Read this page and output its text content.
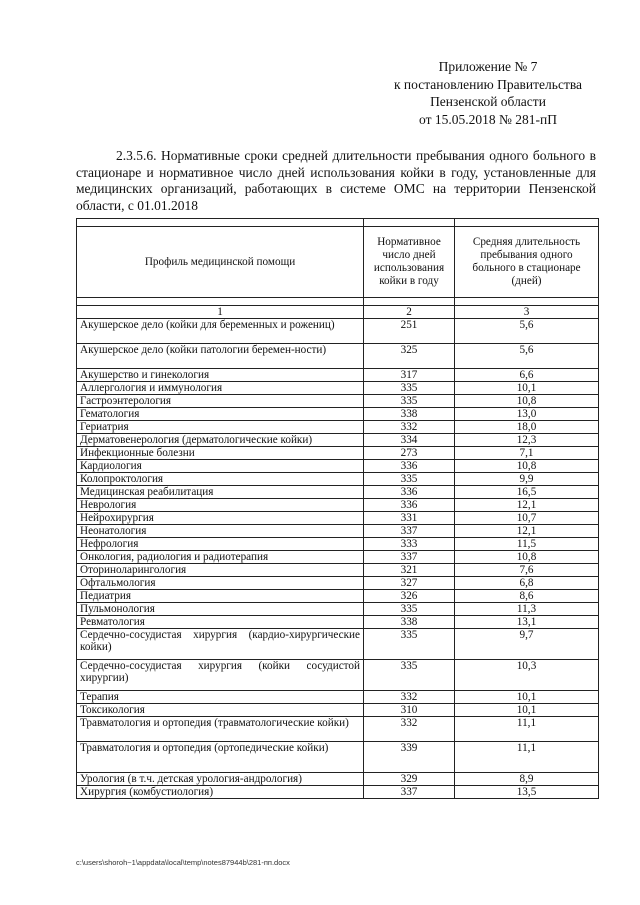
Приложение № 7
к постановлению Правительства
Пензенской области
от 15.05.2018 № 281-пП
2.3.5.6. Нормативные сроки средней длительности пребывания одного больного в стационаре и нормативное число дней использования койки в году, установленные для медицинских организаций, работающих в системе ОМС на территории Пензенской области, с 01.01.2018

Профиль медицинской помощи	Нормативное число дней использования койки в году	Средняя длительность пребывания одного больного в стационаре (дней)

1	2	3
Акушерское дело (койки для беременных и рожениц)	251	5,6
Акушерское дело (койки патологии беремен-ности)	325	5,6
Акушерство и гинекология	317	6,6
Аллергология и иммунология	335	10,1
Гастроэнтерология	335	10,8
Гематология	338	13,0
Гериатрия	332	18,0
Дерматовенерология (дерматологические койки)	334	12,3
Инфекционные болезни	273	7,1
Кардиология	336	10,8
Колопроктология	335	9,9
Медицинская реабилитация	336	16,5
Неврология	336	12,1
Нейрохирургия	331	10,7
Неонатология	337	12,1
Нефрология	333	11,5
Онкология, радиология и радиотерапия	337	10,8
Оториноларингология	321	7,6
Офтальмология	327	6,8
Педиатрия	326	8,6
Пульмонология	335	11,3
Ревматология	338	13,1
Сердечно-сосудистая хирургия (кардио-хирургические койки)	335	9,7
Сердечно-сосудистая хирургия (койки сосудистой хирургии)	335	10,3
Терапия	332	10,1
Токсикология	310	10,1
Травматология и ортопедия (травматологические койки)	332	11,1
Травматология и ортопедия (ортопедические койки)	339	11,1
Урология (в т.ч. детская урология-андрология)	329	8,9
Хирургия (комбустиология)	337	13,5
c:\users\shoroh~1\appdata\local\temp\notes87944b\281-пп.docx
